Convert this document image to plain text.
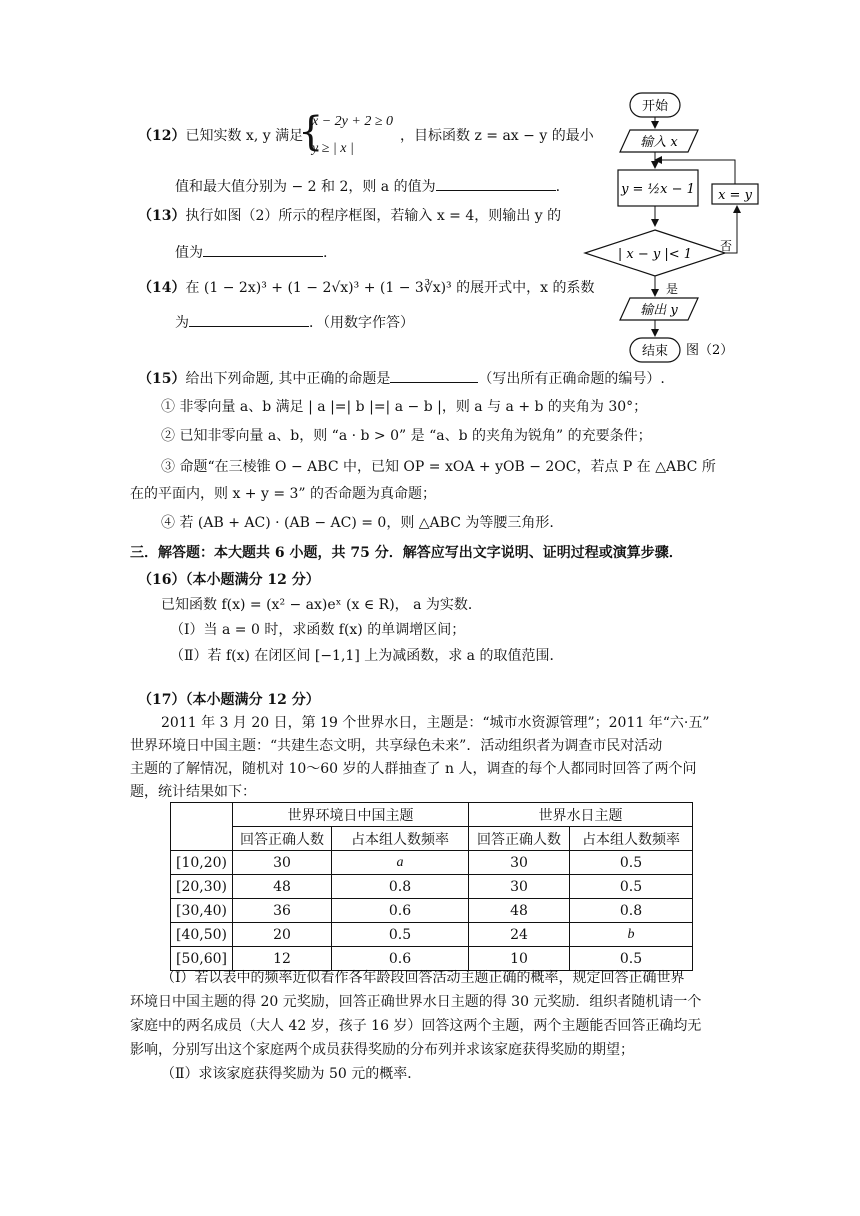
（12）已知实数 x, y 满足
{
x − 2y + 2 ≥ 0
y ≥ | x |
，目标函数 z = ax − y 的最小
值和最大值分别为 − 2 和 2，则 a 的值为	.
（13）执行如图（2）所示的程序框图，若输入 x = 4，则输出 y 的
值为	.
（14）在 (1 − 2x)³ + (1 − 2√x)³ + (1 − 3∛x)³ 的展开式中，x 的系数
为	．（用数字作答）
开始
输入 x
y = ½x − 1
| x − y |< 1
否
x = y
是
输出 y
结束 图（2）
（15）给出下列命题, 其中正确的命题是	（写出所有正确命题的编号）.
① 非零向量 a、b 满足 | a |=| b |=| a − b |，则 a 与 a + b 的夹角为 30°；
② 已知非零向量 a、b，则 “a · b > 0” 是 “a、b 的夹角为锐角” 的充要条件；
③ 命题“在三棱锥 O − ABC 中，已知 OP = xOA + yOB − 2OC，若点 P 在 △ABC 所
在的平面内，则 x + y = 3” 的否命题为真命题；
④ 若 (AB + AC) · (AB − AC) = 0，则 △ABC 为等腰三角形.
三．解答题：本大题共 6 小题，共 75 分．解答应写出文字说明、证明过程或演算步骤．
（16）（本小题满分 12 分）
已知函数 f(x) = (x² − ax)eˣ (x ∈ R)， a 为实数．
（Ⅰ）当 a = 0 时，求函数 f(x) 的单调增区间；
（Ⅱ）若 f(x) 在闭区间 [−1,1] 上为减函数，求 a 的取值范围．
（17）（本小题满分 12 分）
2011 年 3 月 20 日，第 19 个世界水日，主题是：“城市水资源管理”；2011 年“六·五”
世界环境日中国主题：“共建生态文明，共享绿色未来”．活动组织者为调查市民对活动
主题的了解情况，随机对 10～60 岁的人群抽查了 n 人，调查的每个人都同时回答了两个问
题，统计结果如下：
	世界环境日中国主题		世界水日主题	
	回答正确人数	占本组人数频率	回答正确人数	占本组人数频率
[10,20)	30	a	30	0.5
[20,30)	48	0.8	30	0.5
[30,40)	36	0.6	48	0.8
[40,50)	20	0.5	24	b
[50,60]	12	0.6	10	0.5
（Ⅰ）若以表中的频率近似看作各年龄段回答活动主题正确的概率，规定回答正确世界
环境日中国主题的得 20 元奖励，回答正确世界水日主题的得 30 元奖励．组织者随机请一个
家庭中的两名成员（大人 42 岁，孩子 16 岁）回答这两个主题，两个主题能否回答正确均无
影响，分别写出这个家庭两个成员获得奖励的分布列并求该家庭获得奖励的期望；
（Ⅱ）求该家庭获得奖励为 50 元的概率．
